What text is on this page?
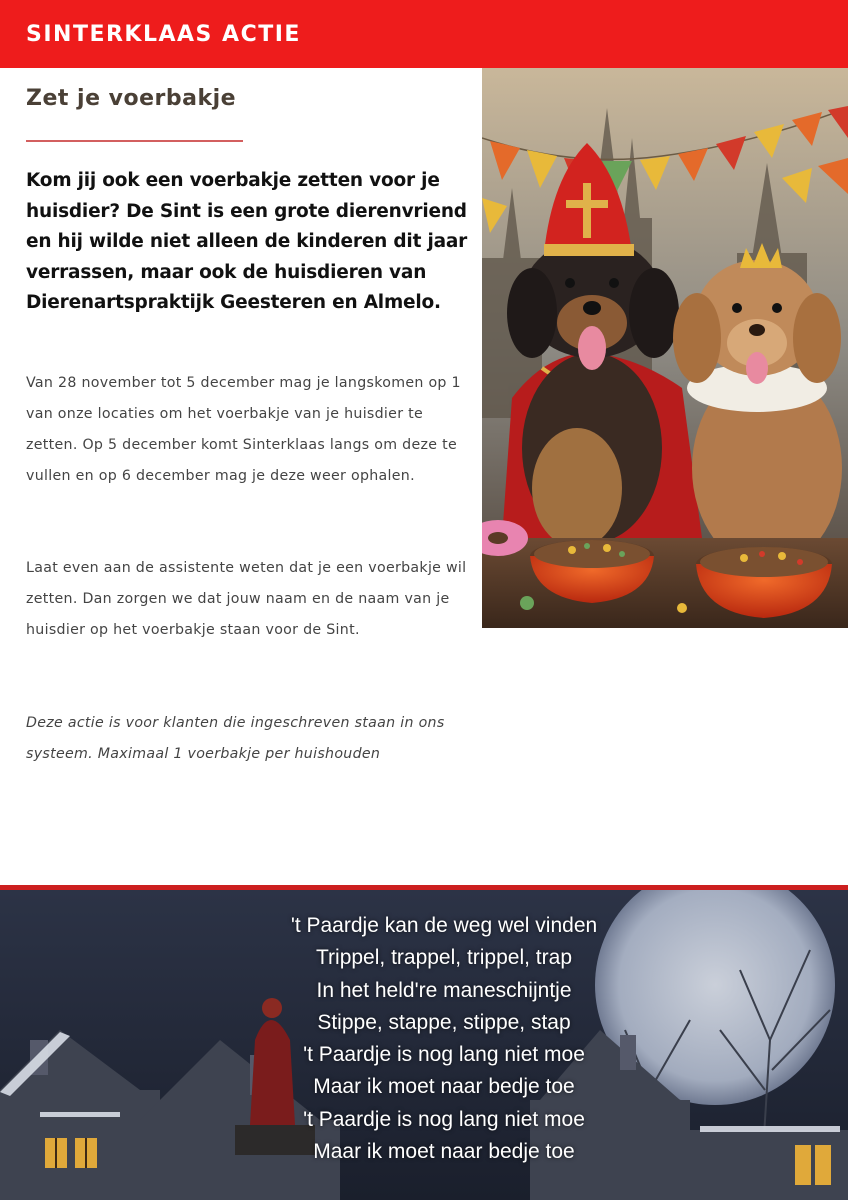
SINTERKLAAS ACTIE
Zet je voerbakje

Kom jij ook een voerbakje zetten voor je huisdier? De Sint is een grote dierenvriend en hij wilde niet alleen de kinderen dit jaar verrassen, maar ook de huisdieren van Dierenartspraktijk Geesteren en Almelo.

Van 28 november tot 5 december mag je langskomen op 1 van onze locaties om het voerbakje van je huisdier te zetten. Op 5 december komt Sinterklaas langs om deze te vullen en op 6 december mag je deze weer ophalen.

Laat even aan de assistente weten dat je een voerbakje wil zetten. Dan zorgen we dat jouw naam en de naam van je huisdier op het voerbakje staan voor de Sint.

Deze actie is voor klanten die ingeschreven staan in ons systeem. Maximaal 1 voerbakje per huishouden

't Paardje kan de weg wel vinden
Trippel, trappel, trippel, trap
In het held're maneschijntje
Stippe, stappe, stippe, stap
't Paardje is nog lang niet moe
Maar ik moet naar bedje toe
't Paardje is nog lang niet moe
Maar ik moet naar bedje toe
